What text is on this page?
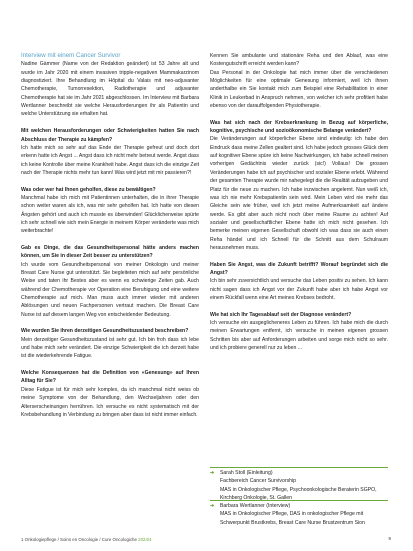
Interview mit einem Cancer Survivor

Nadine Gämmer (Name von der Redaktion geändert) ist 53 Jahre alt und wurde im Jahr 2020 mit einem invasiven tripple-negativen Mammakarzinom diagnostiziert. Ihre Behandlung im Hôpital du Valais mit neo-adjuvanter Chemotherapie, Tumorresektion, Radiotherapie und adjuvanter Chemotherapie hat sie im Jahr 2021 abgeschlossen. Im Interview mit Barbara Wertlanner beschreibt sie welche Herausforderungen ihr als Patientin und welche Unterstützung sie erhalten hat.

Mit welchen Herausforderungen oder Schwierigkeiten hatten Sie nach Abschluss der Therapie zu kämpfen?

Ich hatte mich so sehr auf das Ende der Therapie gefreut und doch dort erkenn hatte ich Angst ... Angst dass ich nicht mehr betreut werde. Angst dass ich keine Kontrolle über meine Krankheit habe. Angst dass ich die einzige Zeit nach der Therapie nichts mehr tun kann! Was wird jetzt mit mir passieren?!

Was oder wer hat Ihnen geholfen, diese zu bewältigen?

Manchmal habe ich mich mit Patientinnen unterhalten, die in ihrer Therapie schon weiter waren als ich, was mir sehr geholfen hat. Ich hatte von diesen Ängsten gehört und auch ich musste es überwinden! Glücklicherweise spürte ich sehr schnell wie sich mein Energie in meinem Körper veränderte was mich weiterbrachte!

Gab es Dinge, die das Gesundheitspersonal hätte anders machen können, um Sie in dieser Zeit besser zu unterstützen?

Ich wurde vom Gesundheitspersonal von meiner Onkologin und meiner Breast Care Nurse gut unterstützt. Sie begleiteten mich auf sehr persönliche Weise und taten ihr Bestes aber es wenn es schwierige Zeiten gab. Auch während der Chemotherapie vor Operation eine Beruhigung und eine weitere Chemotherapie auf mich. Man muss auch immer wieder mit anderen Ablösungen und neuen Fachpersonen vertraut machen. Die Breast Care Nurse ist auf diesem langen Weg von entscheidender Bedeutung.

Wie wurden Sie ihren derzeitigen Gesundheitszustand beschreiben?

Mein derzeitiger Gesundheitszustand ist sehr gut. Ich bin froh dass ich lebe und habe mich sehr verändert. Die einzige Schwierigkeit die ich derzeit habe ist die wiederkehrende Fatigue.

Welche Konsequenzen hat die Definition von «Genesung» auf Ihren Alltag für Sie?

Diese Fatigue ist für mich sehr komplex, da ich manchmal nicht weiss ob meine Symptome von der Behandlung, den Wechseljahren oder den Alterserscheinungen herrühren. Ich versuche es nicht systematisch mit der Krebsbehandlung in Verbindung zu bringen aber dass ist nicht immer einfach.

Kennen Sie ambulante und stationäre Reha und den Ablauf, was eine Kostengutschrift erreicht werden kann?

Das Personal in der Onkologie hat mich immer über die verschiedenen Möglichkeiten für eine optimale Genesung informiert, weil ich ihnen anderthalbe ein Sie kontakt mich zum Beispiel eine Rehabilitation in einer Klinik in Leukerbad in Anspruch nehmen, von welcher ich sehr profitiert habe ebenso von der darauffolgenden Physiotherapie.

Was hat sich nach der Krebserkrankung in Bezug auf körperliche, kognitive, psychische und sozioökonomische Belange verändert?

Die Veränderungen auf körperlicher Ebene sind eindeutig: ich habe den Eindruck dass meine Zellen gealtert sind. Ich habe jedoch grosses Glück dem auf kognitiver Ebene spüre ich keine Nachwirkungen, ich habe schnell meinen vorherigen Gedächtnis wieder zurück (sic!) Vollaus! Die grossen Veränderungen habe ich auf psychischer und sozialer Ebene erlebt. Während der gesamten Therapie wurde mir nahegelegt die die Realität aufzugeben und Platz für die neue zu machen. Ich habe inzwischen angelernt. Nun weiß ich, was ich nie mehr Krebspatientin sein wird. Mein Leben wird nie mehr das Gleiche sein wie früher, weil ich jetzt meine Aufmerksamkeit auf ändere werde. Es gibt aber auch nicht noch über meine Raume zu achten! Auf sozialer und gesellschaftlicher Ebene hatte ich mich nicht gesehen. Ich bemerke meinen eigenen Gesellschaft obwohl ich was dass sie auch einen Reha händel und ich Schnell für die Schnitt aus dem Schulraum herausnehmen muss.

Haben Sie Angst, was die Zukunft betrifft? Worauf begründet sich die Angst?

Ich bin sehr zuversichtlich und versuche das Leben positiv zu sehen. Ich kann nicht sagen dass ich Angst vor der Zukunft habe aber ich habe Angst vor einem Rückfall wenn eine Art meines Krebses bedroht.

Wie hat sich Ihr Tagesablauf seit der Diagnose verändert?

Ich versuche ein ausgeglicheneres Leben zu führen. Ich habe mich die durch meinen Erwartungen entfernt, ich versuche in meinen eigenen grossen Schritten bis aber auf Anforderungen arbeiten und sorge mich nicht so sehr. und ich probiere generell nur zu leben ...

➔ Sarah Stoll (Einleitung)
Fachbereich Cancer Survivorship
MAS in Onkologischer Pflege, Psychoonkologische Beraterin SGPO, Kirchberg Onkologie, St. Gallen
➔ Barbara Wertlanner (Interview)
MAS in Onkologischer Pflege, DAS in onkologischer Pflege mit Schwerpunkt Brustkrebs, Breast Care Nurse Brustzentrum Sion
1 Onkologiepflege / Soins en Oncologie / Cure Oncologiche 2024/4	9
